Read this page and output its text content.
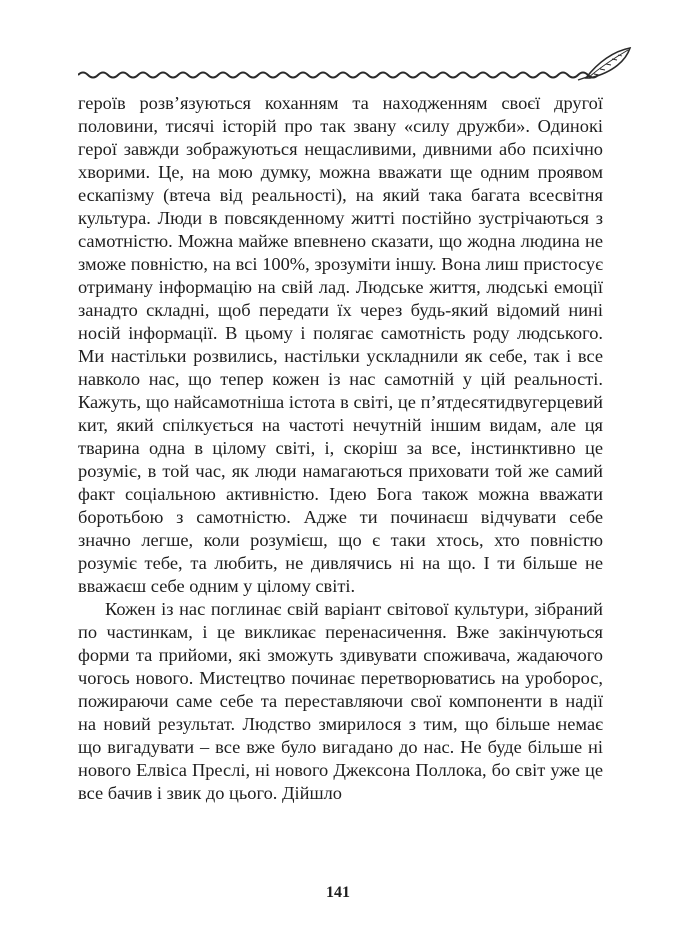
героїв розв’язуються коханням та находженням своєї другої половини, тисячі історій про так звану «силу дружби». Одинокі герої завжди зображуються нещасливими, дивними або психічно хворими. Це, на мою думку, можна вважати ще одним проявом ескапізму (втеча від реальності), на який така багата всесвітня культура. Люди в повсякденному житті постійно зустрічаються з самотністю. Можна майже впевнено сказати, що жодна людина не зможе повністю, на всі 100%, зрозуміти іншу. Вона лиш пристосує отриману інформацію на свій лад. Людське життя, людські емоції занадто складні, щоб передати їх через будь-який відомий нині носій інформації. В цьому і полягає самотність роду людського. Ми настільки розвились, настільки ускладнили як себе, так і все навколо нас, що тепер кожен із нас самотній у цій реальності. Кажуть, що найсамотніша істота в світі, це п’ятдесятидвугерцевий кит, який спілкується на частоті нечутній іншим видам, але ця тварина одна в цілому світі, і, скоріш за все, інстинктивно це розуміє, в той час, як люди намагаються приховати той же самий факт соціальною активністю. Ідею Бога також можна вважати боротьбою з самотністю. Адже ти починаєш відчувати себе значно легше, коли розумієш, що є таки хтось, хто повністю розуміє тебе, та любить, не дивлячись ні на що. І ти більше не вважаєш себе одним у цілому світі.

Кожен із нас поглинає свій варіант світової культури, зібраний по частинкам, і це викликає перенасичення. Вже закінчуються форми та прийоми, які зможуть здивувати споживача, жадаючого чогось нового. Мистецтво починає перетворюватись на уроборос, пожираючи саме себе та переставляючи свої компоненти в надії на новий результат. Людство змирилося з тим, що більше немає що вигадувати – все вже було вигадано до нас. Не буде більше ні нового Елвіса Преслі, ні нового Джексона Поллока, бо світ уже це все бачив і звик до цього. Дійшло

141
